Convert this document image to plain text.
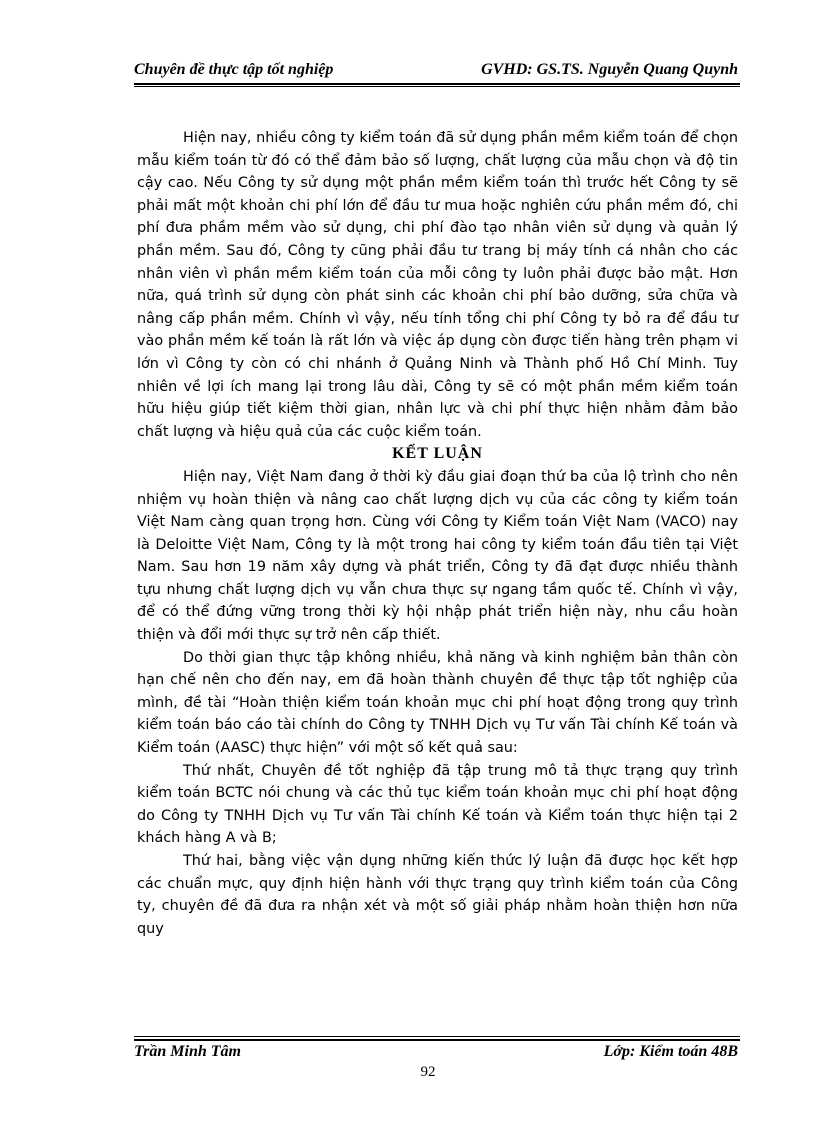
Chuyên đề thực tập tốt nghiệp	GVHD: GS.TS. Nguyễn Quang Quynh

Hiện nay, nhiều công ty kiểm toán đã sử dụng phần mềm kiểm toán để chọn mẫu kiểm toán từ đó có thể đảm bảo số lượng, chất lượng của mẫu chọn và độ tin cậy cao. Nếu Công ty sử dụng một phần mềm kiểm toán thì trước hết Công ty sẽ phải mất một khoản chi phí lớn để đầu tư mua hoặc nghiên cứu phần mềm đó, chi phí đưa phầm mềm vào sử dụng, chi phí đào tạo nhân viên sử dụng và quản lý phần mềm. Sau đó, Công ty cũng phải đầu tư trang bị máy tính cá nhân cho các nhân viên vì phần mềm kiểm toán của mỗi công ty luôn phải được bảo mật. Hơn nữa, quá trình sử dụng còn phát sinh các khoản chi phí bảo dưỡng, sửa chữa và nâng cấp phần mềm. Chính vì vậy, nếu tính tổng chi phí Công ty bỏ ra để đầu tư vào phần mềm kế toán là rất lớn và việc áp dụng còn được tiến hàng trên phạm vi lớn vì Công ty còn có chi nhánh ở Quảng Ninh và Thành phố Hồ Chí Minh. Tuy nhiên về lợi ích mang lại trong lâu dài, Công ty sẽ có một phần mềm kiểm toán hữu hiệu giúp tiết kiệm thời gian, nhân lực và chi phí thực hiện nhằm đảm bảo chất lượng và hiệu quả của các cuộc kiểm toán.

KẾT LUẬN

Hiện nay, Việt Nam đang ở thời kỳ đầu giai đoạn thứ ba của lộ trình cho nên nhiệm vụ hoàn thiện và nâng cao chất lượng dịch vụ của các công ty kiểm toán Việt Nam càng quan trọng hơn. Cùng với Công ty Kiểm toán Việt Nam (VACO) nay là Deloitte Việt Nam, Công ty là một trong hai công ty kiểm toán đầu tiên tại Việt Nam. Sau hơn 19 năm xây dựng và phát triển, Công ty đã đạt được nhiều thành tựu nhưng chất lượng dịch vụ vẫn chưa thực sự ngang tầm quốc tế. Chính vì vậy, để có thể đứng vững trong thời kỳ hội nhập phát triển hiện này, nhu cầu hoàn thiện và đổi mới thực sự trở nên cấp thiết.

Do thời gian thực tập không nhiều, khả năng và kinh nghiệm bản thân còn hạn chế nên cho đến nay, em đã hoàn thành chuyên đề thực tập tốt nghiệp của mình, đề tài “Hoàn thiện kiểm toán khoản mục chi phí hoạt động trong quy trình kiểm toán báo cáo tài chính do Công ty TNHH Dịch vụ Tư vấn Tài chính Kế toán và Kiểm toán (AASC) thực hiện” với một số kết quả sau:

Thứ nhất, Chuyên đề tốt nghiệp đã tập trung mô tả thực trạng quy trình kiểm toán BCTC nói chung và các thủ tục kiểm toán khoản mục chi phí hoạt động do Công ty TNHH Dịch vụ Tư vấn Tài chính Kế toán và Kiểm toán thực hiện tại 2 khách hàng A và B;

Thứ hai, bằng việc vận dụng những kiến thức lý luận đã được học kết hợp các chuẩn mực, quy định hiện hành với thực trạng quy trình kiểm toán của Công ty, chuyên đề đã đưa ra nhận xét và một số giải pháp nhằm hoàn thiện hơn nữa quy

Trần Minh Tâm	Lớp: Kiểm toán 48B
92
